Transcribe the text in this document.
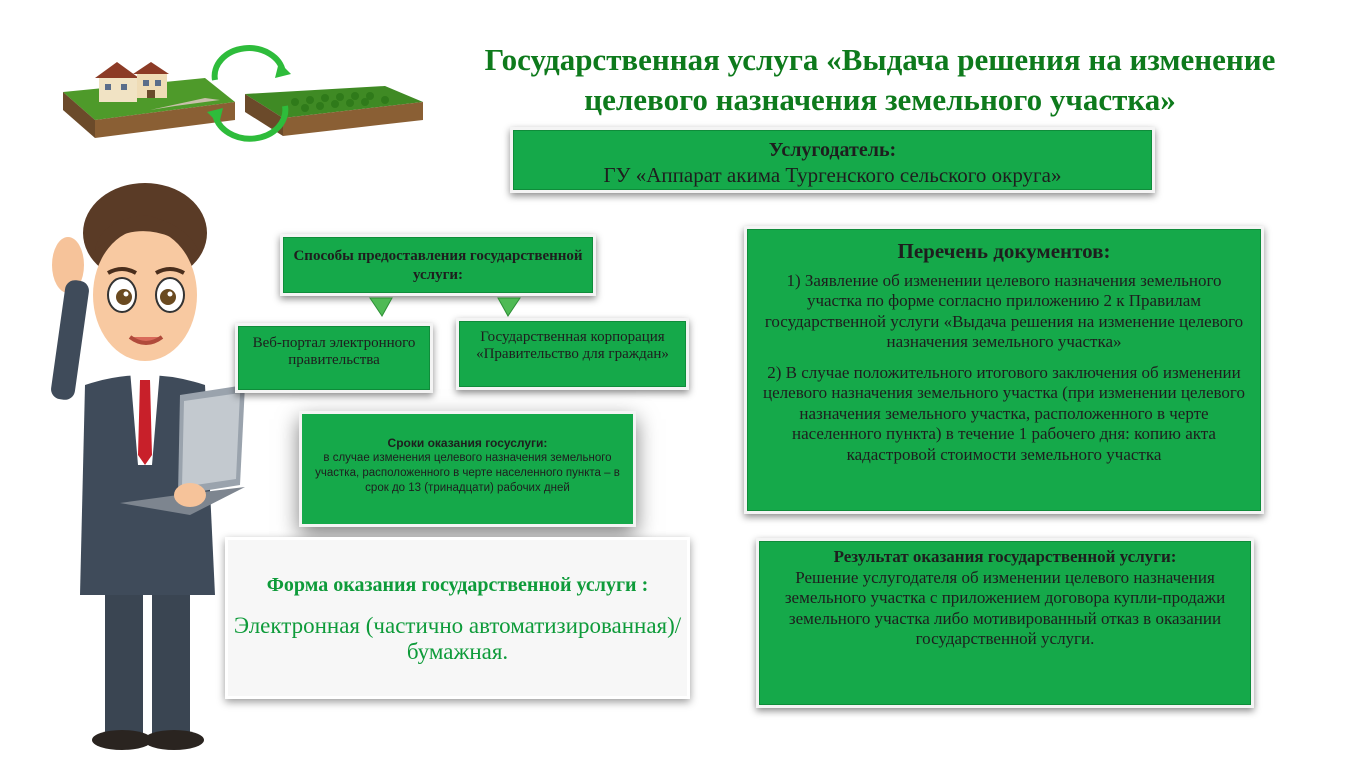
Государственная услуга «Выдача решения на изменение целевого назначения земельного участка»
Услугодатель:
ГУ «Аппарат акима Тургенского сельского округа»
Способы предоставления государственной услуги:
Веб-портал электронного правительства
Государственная корпорация «Правительство для граждан»
Сроки оказания госуслуги:
в случае изменения целевого назначения земельного участка, расположенного в черте населенного пункта – в срок до 13 (тринадцати) рабочих дней
Перечень документов:

1) Заявление об изменении целевого назначения земельного участка по форме согласно приложению 2 к Правилам государственной услуги «Выдача решения на изменение целевого назначения земельного участка»

2) В случае положительного итогового заключения об изменении целевого назначения земельного участка (при изменении целевого назначения земельного участка, расположенного в черте населенного пункта) в течение 1 рабочего дня: копию акта кадастровой стоимости земельного участка

Форма оказания государственной услуги :
Электронная (частично автоматизированная)/бумажная.
Результат оказания государственной услуги:
Решение услугодателя об изменении целевого назначения земельного участка с приложением договора купли-продажи земельного участка либо мотивированный отказ в оказании государственной услуги.
